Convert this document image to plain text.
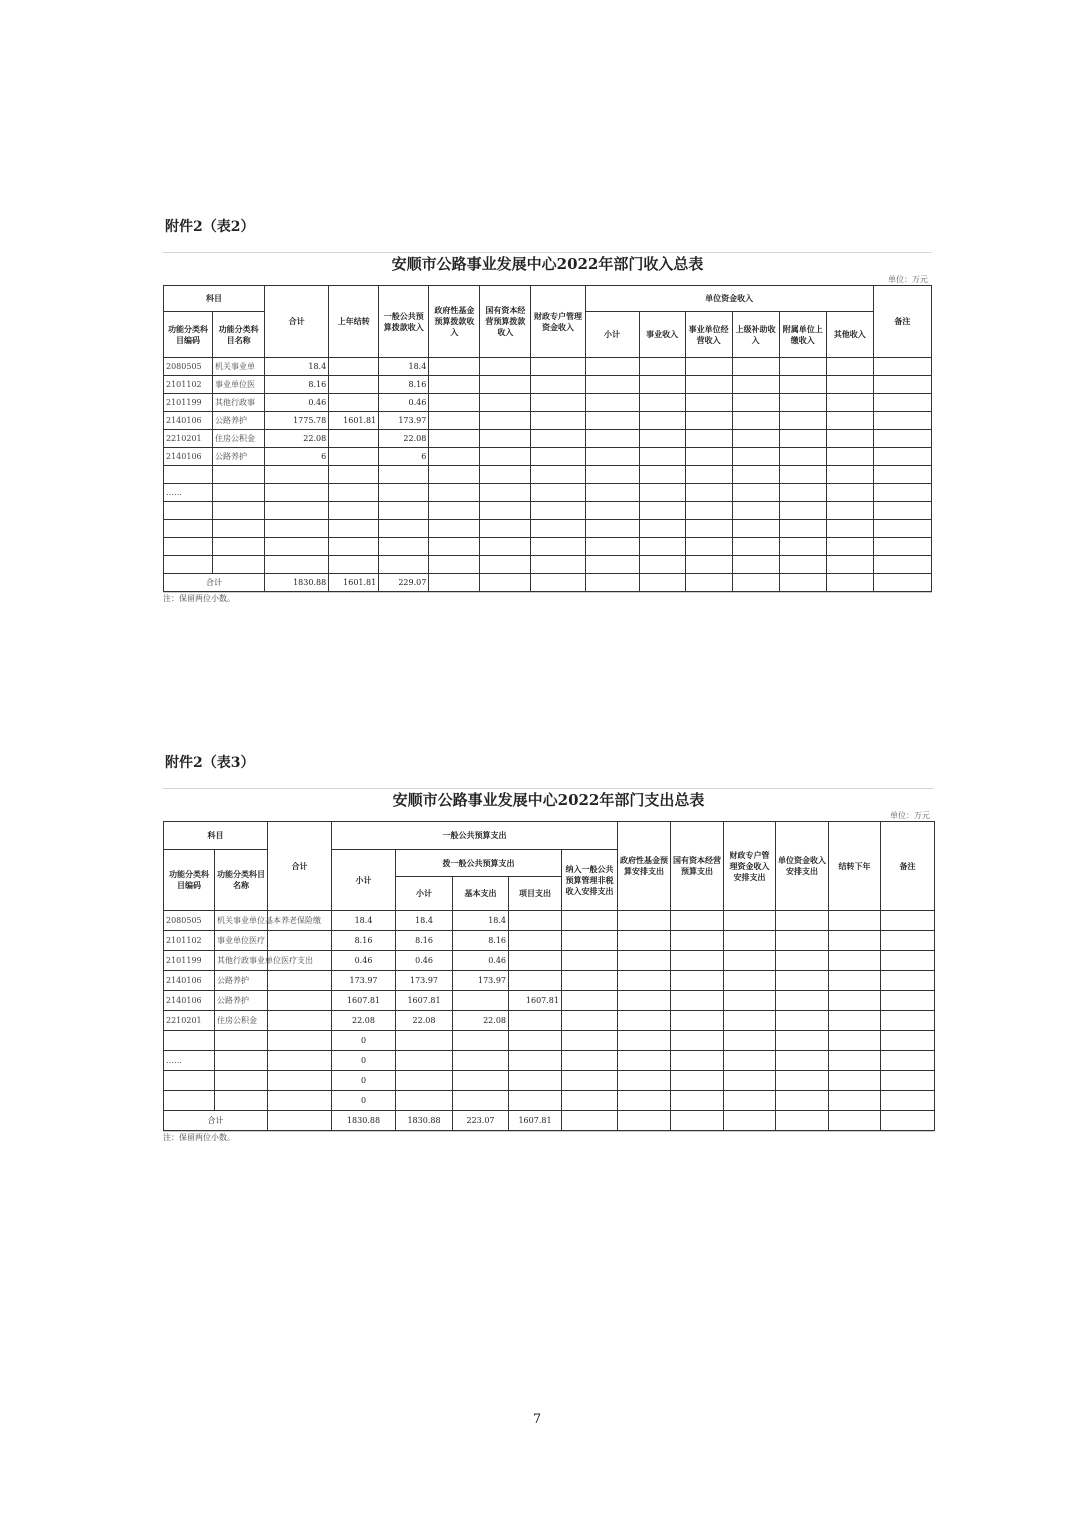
附件2（表2）
安顺市公路事业发展中心2022年部门收入总表
单位：万元
科目		合计	上年结转	一般公共预算拨款收入	政府性基金预算拨款收入	国有资本经营预算拨款收入	财政专户管理资金收入	单位资金收入						备注
功能分类科目编码	功能分类科目名称							小计	事业收入	事业单位经营收入	上级补助收入	附属单位上缴收入	其他收入	
2080505	机关事业单	18.4		18.4										
2101102	事业单位医	8.16		8.16										
2101199	其他行政事	0.46		0.46										
2140106	公路养护	1775.78	1601.81	173.97										
2210201	住房公积金	22.08		22.08										
2140106	公路养护	6		6										

……														

合计		1830.88	1601.81	229.07										
注：保留两位小数。
附件2（表3）
安顺市公路事业发展中心2022年部门支出总表
单位：万元
科目		合计	一般公共预算支出					政府性基金预算安排支出	国有资本经营预算支出	财政专户管理资金收入安排支出	单位资金收入安排支出	结转下年	备注
功能分类科目编码	功能分类科目名称		小计	拨一般公共预算支出			纳入一般公共预算管理非税收入安排支出						
				小计	基本支出	项目支出							
2080505	机关事业单位基本养老保险缴		18.4	18.4	18.4								
2101102	事业单位医疗		8.16	8.16	8.16								
2101199	其他行政事业单位医疗支出		0.46	0.46	0.46								
2140106	公路养护		173.97	173.97	173.97								
2140106	公路养护		1607.81	1607.81		1607.81							
2210201	住房公积金		22.08	22.08	22.08								
			0										
……			0										
			0										
			0										
合计			1830.88	1830.88	223.07	1607.81							
注：保留两位小数。
7
